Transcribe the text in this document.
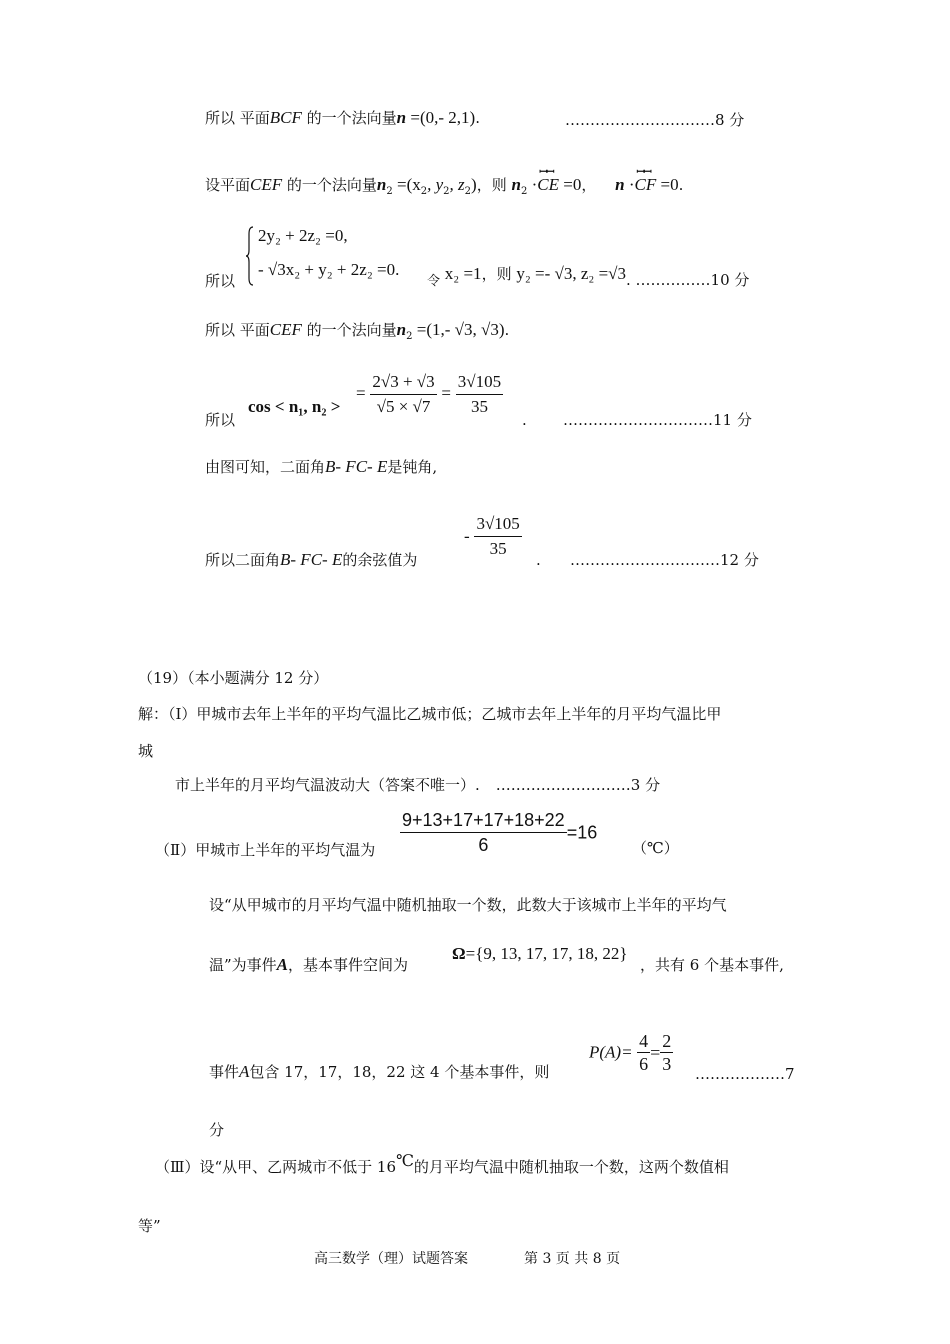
所以 平面BCF 的一个法向量n =(0,- 2,1).	…………………………8 分
设平面CEF 的一个法向量$n_2 =(x_2$, $y_2$, $z_2$)，则 $n_2$ ·
ꟷꟷ
CE =0， n ·
ꟷꟷ
CF =0.
2y₂ + 2z₂ =0,
- √3x₂ + y₂ + 2z₂ =0.
所以	令 x₂ =1，则 y₂ =- √3, z₂ =√3. ……………10 分
所以 平面CEF 的一个法向量$n_2 =(1,-$ √3, √3).
所以
cos < n₁, n₂ >
= $\frac{2√3 + √3}{√5 \times √7} = \frac{3√105}{35}$
. …………………………11 分
由图可知，二面角B- FC- E是钝角,
所以二面角B- FC- E的余弦值为
- $\frac{3√105}{35}$ . …………………………12 分
（19）（本小题满分 12 分）
解：（Ⅰ）甲城市去年上半年的平均气温比乙城市低；乙城市去年上半年的月平均气温比甲
城
市上半年的月平均气温波动大（答案不唯一）. ………………………3 分
（Ⅱ）甲城市上半年的平均气温为 $\frac{9+13+17+17+18+22}{6} =16$
（℃）
设“从甲城市的月平均气温中随机抽取一个数，此数大于该城市上半年的平均气
温”为事件A，基本事件空间为
Ω={9, 13, 17, 17, 18, 22}
，共有 6 个基本事件,
事件A包含 17，17，18，22 这 4 个基本事件，则
$P(A)= \frac{4}{6} = \frac{2}{3}$ ………………7
分
（Ⅲ）设“从甲、乙两城市不低于 16℃的月平均气温中随机抽取一个数，这两个数值相
等”
高三数学（理）试题答案	第 3 页 共 8 页
